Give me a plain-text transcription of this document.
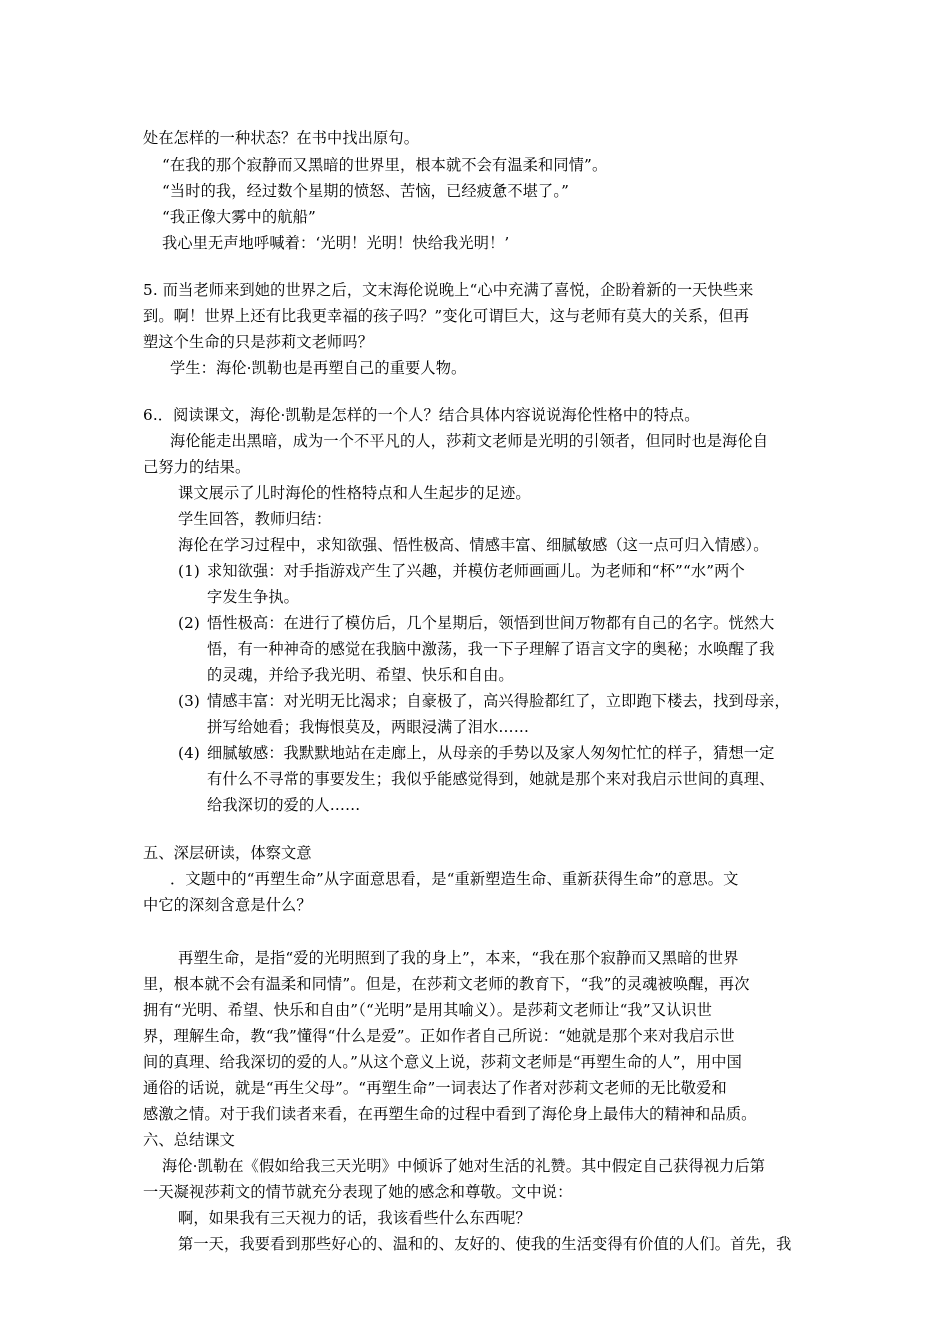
处在怎样的一种状态？在书中找出原句。

“在我的那个寂静而又黑暗的世界里，根本就不会有温柔和同情”。

“当时的我，经过数个星期的愤怒、苦恼，已经疲惫不堪了。”

“我正像大雾中的航船”

我心里无声地呼喊着：‘光明！光明！快给我光明！’

5. 而当老师来到她的世界之后，文末海伦说晚上“心中充满了喜悦，企盼着新的一天快些来

到。啊！世界上还有比我更幸福的孩子吗？”变化可谓巨大，这与老师有莫大的关系，但再

塑这个生命的只是莎莉文老师吗？

学生：海伦·凯勒也是再塑自己的重要人物。

6.．阅读课文，海伦·凯勒是怎样的一个人？结合具体内容说说海伦性格中的特点。

海伦能走出黑暗，成为一个不平凡的人，莎莉文老师是光明的引领者，但同时也是海伦自

己努力的结果。

课文展示了儿时海伦的性格特点和人生起步的足迹。

学生回答，教师归结：

海伦在学习过程中，求知欲强、悟性极高、情感丰富、细腻敏感（这一点可归入情感）。

(1) 求知欲强：对手指游戏产生了兴趣，并模仿老师画画儿。为老师和“杯”“水”两个

字发生争执。

(2) 悟性极高：在进行了模仿后，几个星期后，领悟到世间万物都有自己的名字。恍然大

悟，有一种神奇的感觉在我脑中激荡，我一下子理解了语言文字的奥秘；水唤醒了我

的灵魂，并给予我光明、希望、快乐和自由。

(3) 情感丰富：对光明无比渴求；自豪极了，高兴得脸都红了，立即跑下楼去，找到母亲，

拼写给她看；我悔恨莫及，两眼浸满了泪水……

(4) 细腻敏感：我默默地站在走廊上，从母亲的手势以及家人匆匆忙忙的样子，猜想一定

有什么不寻常的事要发生；我似乎能感觉得到，她就是那个来对我启示世间的真理、

给我深切的爱的人……

五、深层研读，体察文意

．文题中的“再塑生命”从字面意思看，是“重新塑造生命、重新获得生命”的意思。文

中它的深刻含意是什么？

再塑生命，是指“爱的光明照到了我的身上”，本来，“我在那个寂静而又黑暗的世界

里，根本就不会有温柔和同情”。但是，在莎莉文老师的教育下，“我”的灵魂被唤醒，再次

拥有“光明、希望、快乐和自由”（“光明”是用其喻义）。是莎莉文老师让“我”又认识世

界，理解生命，教“我”懂得“什么是爱”。正如作者自己所说：“她就是那个来对我启示世

间的真理、给我深切的爱的人。”从这个意义上说，莎莉文老师是“再塑生命的人”，用中国

通俗的话说，就是“再生父母”。“再塑生命”一词表达了作者对莎莉文老师的无比敬爱和

感激之情。对于我们读者来看，在再塑生命的过程中看到了海伦身上最伟大的精神和品质。

六、总结课文

海伦·凯勒在《假如给我三天光明》中倾诉了她对生活的礼赞。其中假定自己获得视力后第

一天凝视莎莉文的情节就充分表现了她的感念和尊敬。文中说：

啊，如果我有三天视力的话，我该看些什么东西呢？

第一天，我要看到那些好心的、温和的、友好的、使我的生活变得有价值的人们。首先，我
